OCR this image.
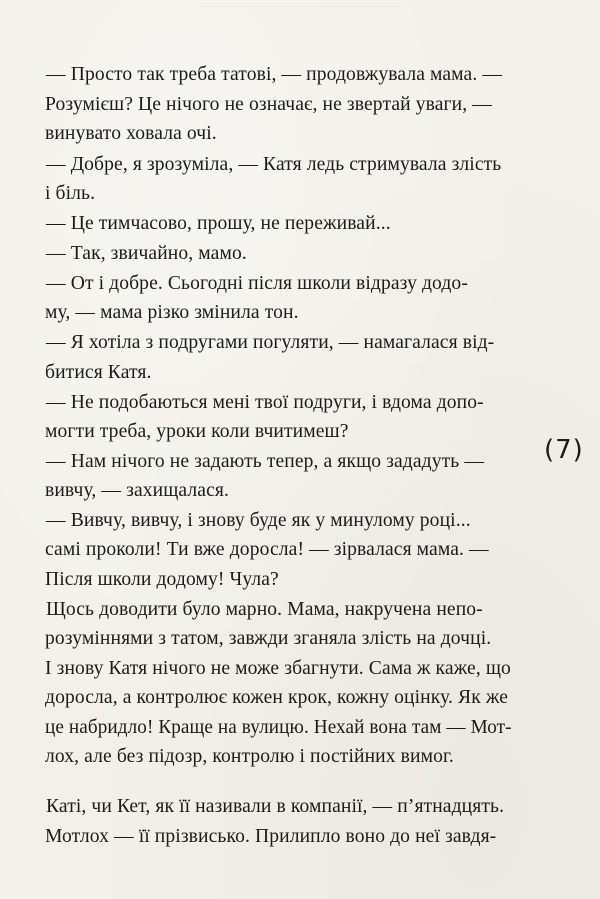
— Просто так треба татові, — продовжувала мама. —
Розумієш? Це нічого не означає, не звертай уваги, —
винувато ховала очі.
— Добре, я зрозуміла, — Катя ледь стримувала злість
і біль.
— Це тимчасово, прошу, не переживай...
— Так, звичайно, мамо.
— От і добре. Сьогодні після школи відразу додо-
му, — мама різко змінила тон.
— Я хотіла з подругами погуляти, — намагалася від-
битися Катя.
— Не подобаються мені твої подруги, і вдома допо-
могти треба, уроки коли вчитимеш?
— Нам нічого не задають тепер, а якщо зададуть —
вивчу, — захищалася.
— Вивчу, вивчу, і знову буде як у минулому році...
самі проколи! Ти вже доросла! — зірвалася мама. —
Після школи додому! Чула?
Щось доводити було марно. Мама, накручена непо-
розуміннями з татом, завжди зганяла злість на дочці.
І знову Катя нічого не може збагнути. Сама ж каже, що
доросла, а контролює кожен крок, кожну оцінку. Як же
це набридло! Краще на вулицю. Нехай вона там — Мот-
лох, але без підозр, контролю і постійних вимог.
Каті, чи Кет, як її називали в компанії, — п’ятнадцять.
Мотлох — її прізвисько. Прилипло воно до неї завдя-
(7)
